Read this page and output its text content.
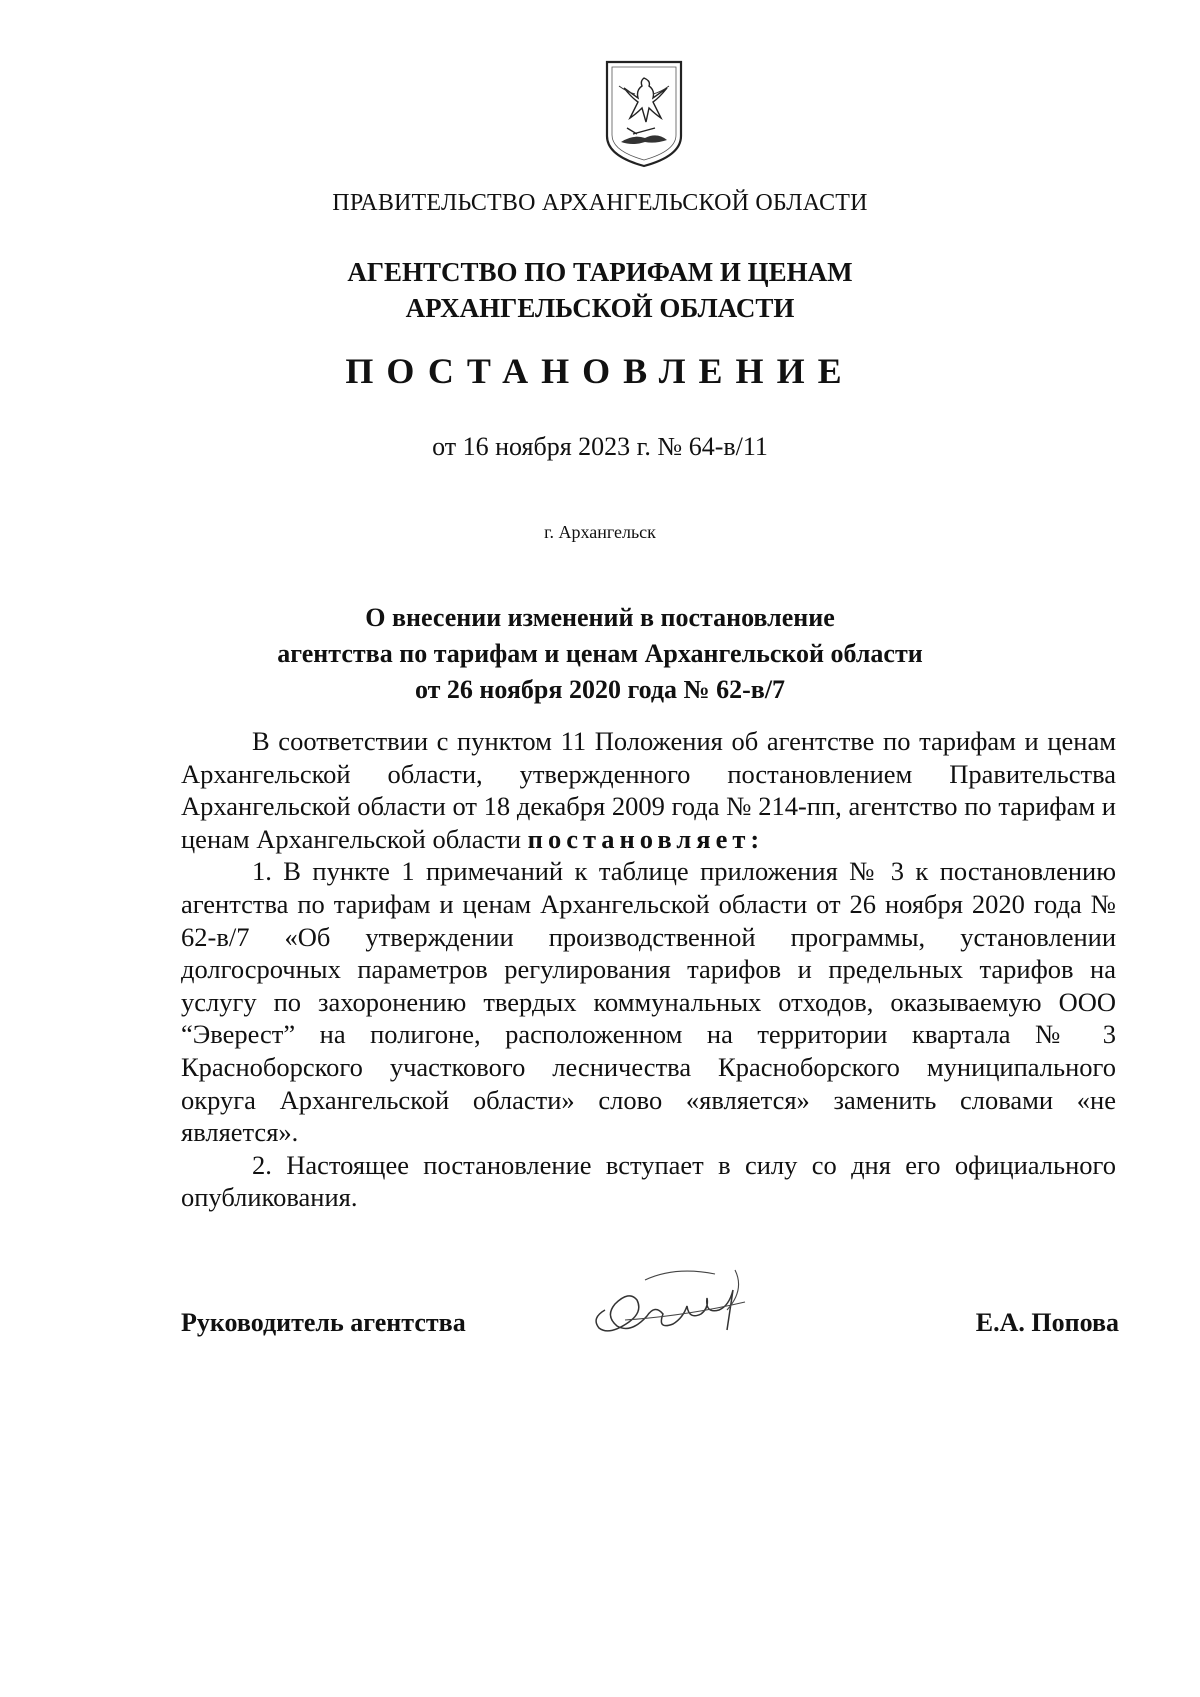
ПРАВИТЕЛЬСТВО АРХАНГЕЛЬСКОЙ ОБЛАСТИ
АГЕНТСТВО ПО ТАРИФАМ И ЦЕНАМ
АРХАНГЕЛЬСКОЙ ОБЛАСТИ
ПОСТАНОВЛЕНИЕ
от 16 ноября 2023 г. № 64-в/11
г. Архангельск
О внесении изменений в постановление
агентства по тарифам и ценам Архангельской области
от 26 ноября 2020 года № 62-в/7

В соответствии с пунктом 11 Положения об агентстве по тарифам и ценам Архангельской области, утвержденного постановлением Правительства Архангельской области от 18 декабря 2009 года № 214-пп, агентство по тарифам и ценам Архангельской области постановляет:

1. В пункте 1 примечаний к таблице приложения № 3 к постановлению агентства по тарифам и ценам Архангельской области от 26 ноября 2020 года № 62-в/7 «Об утверждении производственной программы, установлении долгосрочных параметров регулирования тарифов и предельных тарифов на услугу по захоронению твердых коммунальных отходов, оказываемую ООО “Эверест” на полигоне, расположенном на территории квартала № 3 Красноборского участкового лесничества Красноборского муниципального округа Архангельской области» слово «является» заменить словами «не является».

2. Настоящее постановление вступает в силу со дня его официального опубликования.

Руководитель агентства	Е.А. Попова
